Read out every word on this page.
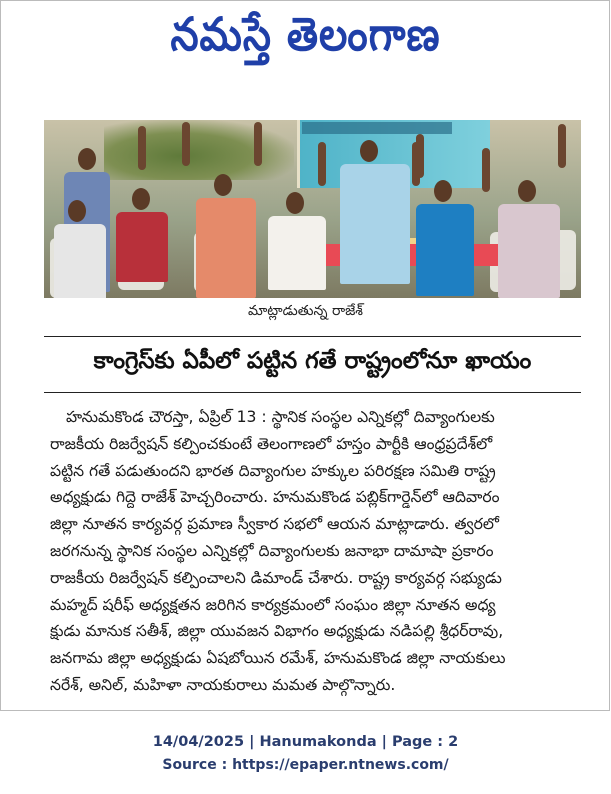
నమస్తే తెలంగాణ
మాట్లాడుతున్న రాజేశ్
కాంగ్రెస్‌కు ఏపీలో పట్టిన గతే రాష్ట్రంలోనూ ఖాయం
హనుమకొండ చౌరస్తా, ఏప్రిల్ 13 : స్థానిక సంస్థల ఎన్నికల్లో దివ్యాంగులకు
రాజకీయ రిజర్వేషన్ కల్పించకుంటే తెలంగాణలో హస్తం పార్టీకి ఆంధ్రప్రదేశ్‌లో
పట్టిన గతే పడుతుందని భారత దివ్యాంగుల హక్కుల పరిరక్షణ సమితి రాష్ట్ర
అధ్యక్షుడు గిద్దె రాజేశ్ హెచ్చరించారు. హనుమకొండ పబ్లిక్‌గార్డెన్‌లో ఆదివారం
జిల్లా నూతన కార్యవర్గ ప్రమాణ స్వీకార సభలో ఆయన మాట్లాడారు. త్వరలో
జరగనున్న స్థానిక సంస్థల ఎన్నికల్లో దివ్యాంగులకు జనాభా దామాషా ప్రకారం
రాజకీయ రిజర్వేషన్ కల్పించాలని డిమాండ్ చేశారు. రాష్ట్ర కార్యవర్గ సభ్యుడు
మహ్మద్ షరీఫ్ అధ్యక్షతన జరిగిన కార్యక్రమంలో సంఘం జిల్లా నూతన అధ్య
క్షుడు మానుక సతీశ్, జిల్లా యువజన విభాగం అధ్యక్షుడు నడిపల్లి శ్రీధర్‌రావు,
జనగామ జిల్లా అధ్యక్షుడు ఏషబోయిన రమేశ్, హనుమకొండ జిల్లా నాయకులు
నరేశ్, అనిల్, మహిళా నాయకురాలు మమత పాల్గొన్నారు.
14/04/2025 | Hanumakonda | Page : 2
Source : https://epaper.ntnews.com/
